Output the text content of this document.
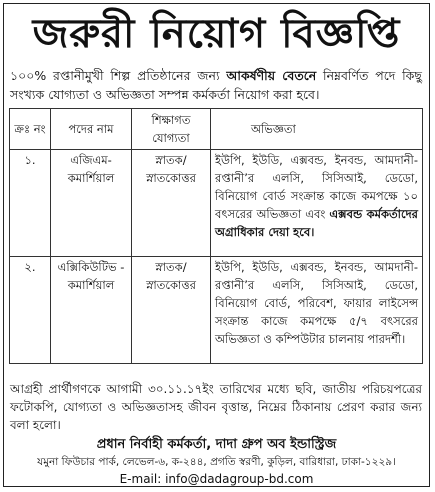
জরুরী নিয়োগ বিজ্ঞপ্তি
১০০% রপ্তানীমুখী শিল্প প্রতিষ্ঠানের জন্য আকর্ষণীয় বেতনে নিম্নবর্ণিত পদে কিছু সংখ্যক যোগ্যতা ও অভিজ্ঞতা সম্পন্ন কর্মকর্তা নিয়োগ করা হবে।
ক্রঃ নং	পদের নাম	শিক্ষাগত যোগ্যতা	অভিজ্ঞতা
১.	এজিএম- কমার্শিয়াল	স্নাতক/ স্নাতকোত্তর	ইউপি, ইউডি, এক্সবন্ড, ইনবন্ড, আমদানী- রপ্তানী’র এলসি, সিসিআই, ডেডো, বিনিয়োগ বোর্ড সংক্রান্ত কাজে কমপক্ষে ১০ বৎসরের অভিজ্ঞতা এবং এক্সবন্ড কর্মকর্তাদের অগ্রাধিকার দেয়া হবে।
২.	এক্সিকিউটিভ - কমার্শিয়াল	স্নাতক/ স্নাতকোত্তর	ইউপি, ইউডি, এক্সবন্ড, ইনবন্ড, আমদানী- রপ্তানী’র এলসি, সিসিআই, ডেডো, বিনিয়োগ বোর্ড, পরিবেশ, ফায়ার লাইসেন্স সংক্রান্ত কাজে কমপক্ষে ৫/৭ বৎসরের অভিজ্ঞতা ও কম্পিউটার চালনায় পারদর্শী।
আগ্রহী প্রার্থীগণকে আগামী ৩০.১১.১৭ইং তারিখের মধ্যে ছবি, জাতীয় পরিচয়পত্রের ফটোকপি, যোগ্যতা ও অভিজ্ঞতাসহ জীবন বৃত্তান্ত, নিম্নের ঠিকানায় প্রেরণ করার জন্য বলা হলো।
প্রধান নির্বাহী কর্মকর্তা, দাদা গ্রুপ অব ইন্ডাস্ট্রিজ
যমুনা ফিউচার পার্ক, লেভেল-৬, ক-২৪৪, প্রগতি স্বরণী, কুড়িল, বারিধারা, ঢাকা-১২২৯।
E-mail: info@dadagroup-bd.com
